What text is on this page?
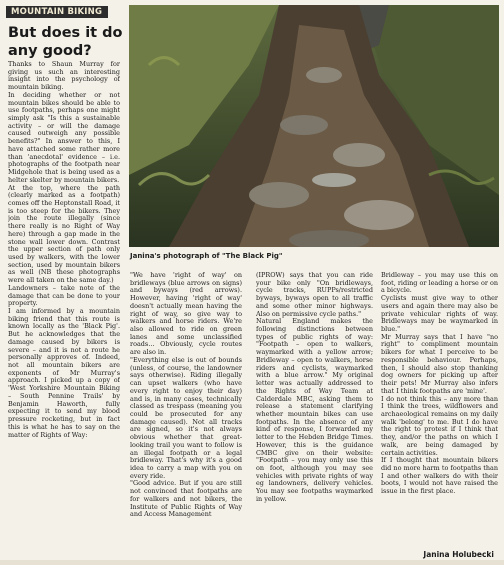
MOUNTAIN BIKING
But does it do
any good?

Thanks to Shaun Murray for giving us such an interesting insight into the psychology of mountain biking.

In deciding whether or not mountain bikes should be able to use footpaths, perhaps one might simply ask "Is this a sustainable activity – or will the damage caused outweigh any possible benefits?" In answer to this, I have attached some rather more than 'anecdotal' evidence – i.e. photographs of the footpath near Midgehole that is being used as a helter skelter by mountain bikers.

At the top, where the path (clearly marked as a footpath) comes off the Heptonstall Road, it is too steep for the bikers. They join the route illegally (since there really is no Right of Way here) through a gap made in the stone wall lower down. Contrast the upper section of path only used by walkers, with the lower section, used by mountain bikers as well (NB these photographs were all taken on the same day.)

Landowners – take note of the damage that can be done to your property.

I am informed by a mountain biking friend that this route is known locally as the 'Black Pig'. But he acknowledges that the damage caused by bikers is severe – and it is not a route he personally approves of. Indeed, not all mountain bikers are exponents of Mr Murray's approach. I picked up a copy of 'West Yorkshire Mountain Biking – South Pennine Trails' by Benjamin Haworth, fully expecting it to send my blood pressure rocketing, but in fact this is what he has to say on the matter of Rights of Way:

Janina's photograph of "The Black Pig"

"We have 'right of way' on bridleways (blue arrows on signs) and byways (red arrows). However, having 'right of way' doesn't actually mean having the right of way, so give way to walkers and horse riders. We're also allowed to ride on green lanes and some unclassified roads… Obviously, cycle routes are also in.

"Everything else is out of bounds (unless, of course, the landowner says otherwise). Riding illegally can upset walkers (who have every right to enjoy their day) and is, in many cases, technically classed as trespass (meaning you could be prosecuted for any damage caused). Not all tracks are signed, so it's not always obvious whether that great-looking trail you want to follow is an illegal footpath or a legal bridleway. That's why it's a good idea to carry a map with you on every ride.

"Good advice. But if you are still not convinced that footpaths are for walkers and not bikers, the Institute of Public Rights of Way and Access Management

(IPROW) says that you can ride your bike only "On bridleways, cycle tracks, RUPPs/restricted byways, byways open to all traffic and some other minor highways. Also on permissive cycle paths."

Natural England makes the following distinctions between types of public rights of way: "Footpath – open to walkers, waymarked with a yellow arrow; Bridleway – open to walkers, horse riders and cyclists, waymarked with a blue arrow." My original letter was actually addressed to the Rights of Way Team at Calderdale MBC, asking them to release a statement clarifying whether mountain bikes can use footpaths. In the absence of any kind of response, I forwarded my letter to the Hebden Bridge Times. However, this is the guidance CMBC give on their website: "Footpath – you may only use this on foot, although you may see vehicles with private rights of way eg landowners, delivery vehicles. You may see footpaths waymarked in yellow.

Bridleway – you may use this on foot, riding or leading a horse or on a bicycle.

Cyclists must give way to other users and again there may also be private vehicular rights of way. Bridleways may be waymarked in blue."

Mr Murray says that I have "no right" to compliment mountain bikers for what I perceive to be responsible behaviour. Perhaps, then, I should also stop thanking dog owners for picking up after their pets! Mr Murray also infers that I think footpaths are 'mine'.

I do not think this – any more than I think the trees, wildflowers and archaeological remains on my daily walk 'belong' to me. But I do have the right to protest if I think that they, and/or the paths on which I walk, are being damaged by certain activities.

If I thought that mountain bikers did no more harm to footpaths than I and other walkers do with their boots, I would not have raised the issue in the first place.

Janina Holubecki
